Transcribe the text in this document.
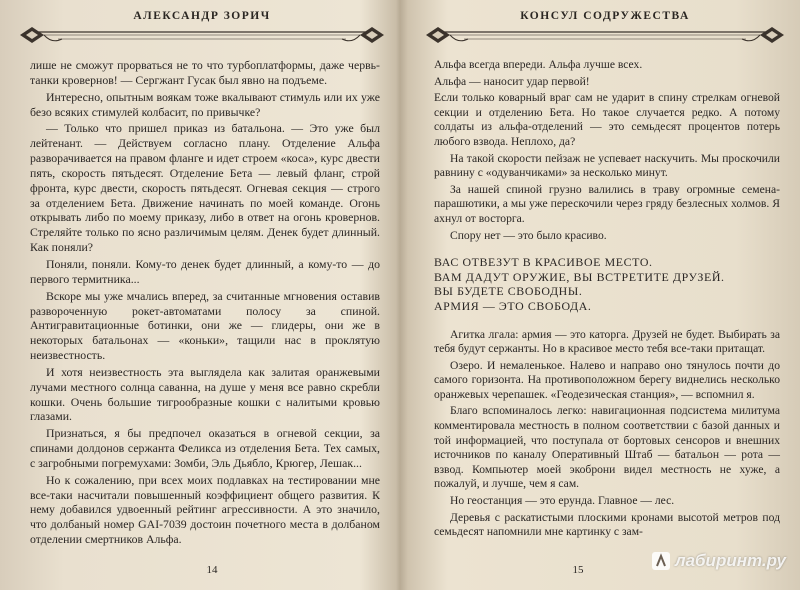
АЛЕКСАНДР ЗОРИЧ

лише не сможут прорваться не то что турбоплатформы, даже червь-танки кровернов! — Сергжант Гусак был явно на подъеме.

Интересно, опытным воякам тоже вкалывают стимуль или их уже безо всяких стимулей колбасит, по привычке?

— Только что пришел приказ из батальона. — Это уже был лейтенант. — Действуем согласно плану. Отделение Альфа разворачивается на правом фланге и идет строем «коса», курс двести пять, скорость пятьдесят. Отделение Бета — левый фланг, строй фронта, курс двести, скорость пятьдесят. Огневая секция — строго за отделением Бета. Движение начинать по моей команде. Огонь открывать либо по моему приказу, либо в ответ на огонь кровернов. Стреляйте только по ясно различимым целям. Денек будет длинный. Как поняли?

Поняли, поняли. Кому-то денек будет длинный, а кому-то — до первого термитника...

Вскоре мы уже мчались вперед, за считанные мгновения оставив развороченную рокет-автоматами полосу за спиной. Антигравитационные ботинки, они же — глидеры, они же в некоторых батальонах — «коньки», тащили нас в проклятую неизвестность.

И хотя неизвестность эта выглядела как залитая оранжевыми лучами местного солнца саванна, на душе у меня все равно скребли кошки. Очень большие тигрообразные кошки с налитыми кровью глазами.

Признаться, я бы предпочел оказаться в огневой секции, за спинами долдонов сержанта Феликса из отделения Бета. Тех самых, с загробными погремухами: Зомби, Эль Дьябло, Крюгер, Лешак...

Но к сожалению, при всех моих подлавках на тестировании мне все-таки насчитали повышенный коэффициент общего развития. К нему добавился удвоенный рейтинг агрессивности. А это значило, что долбаный номер GAI-7039 достоин почетного места в долбаном отделении смертников Альфа.

14
КОНСУЛ СОДРУЖЕСТВА

Альфа всегда впереди. Альфа лучше всех.

Альфа — наносит удар первой!

Если только коварный враг сам не ударит в спину стрелкам огневой секции и отделению Бета. Но такое случается редко. А потому солдаты из альфа-отделений — это семьдесят процентов потерь любого взвода. Неплохо, да?

На такой скорости пейзаж не успевает наскучить. Мы проскочили равнину с «одуванчиками» за несколько минут.

За нашей спиной грузно валились в траву огромные семена-парашютики, а мы уже перескочили через гряду безлесных холмов. Я ахнул от восторга.

Спору нет — это было красиво.

ВАС ОТВЕЗУТ В КРАСИВОЕ МЕСТО.

ВАМ ДАДУТ ОРУЖИЕ, ВЫ ВСТРЕТИТЕ ДРУЗЕЙ.

ВЫ БУДЕТЕ СВОБОДНЫ.

АРМИЯ — ЭТО СВОБОДА.

Агитка лгала: армия — это каторга. Друзей не будет. Выбирать за тебя будут сержанты. Но в красивое место тебя все-таки притащат.

Озеро. И немаленькое. Налево и направо оно тянулось почти до самого горизонта. На противоположном берегу виднелись несколько оранжевых черепашек. «Геодезическая станция», — вспомнил я.

Благо вспоминалось легко: навигационная подсистема милитума комментировала местность в полном соответствии с базой данных и той информацией, что поступала от бортовых сенсоров и внешних источников по каналу Оперативный Штаб — батальон — рота — взвод. Компьютер моей экоброни видел местность не хуже, а пожалуй, и лучше, чем я сам.

Но геостанция — это ерунда. Главное — лес.

Деревья с раскатистыми плоскими кронами высотой метров под семьдесят напомнили мне картинку с зам-

15	лабиринт.ру
